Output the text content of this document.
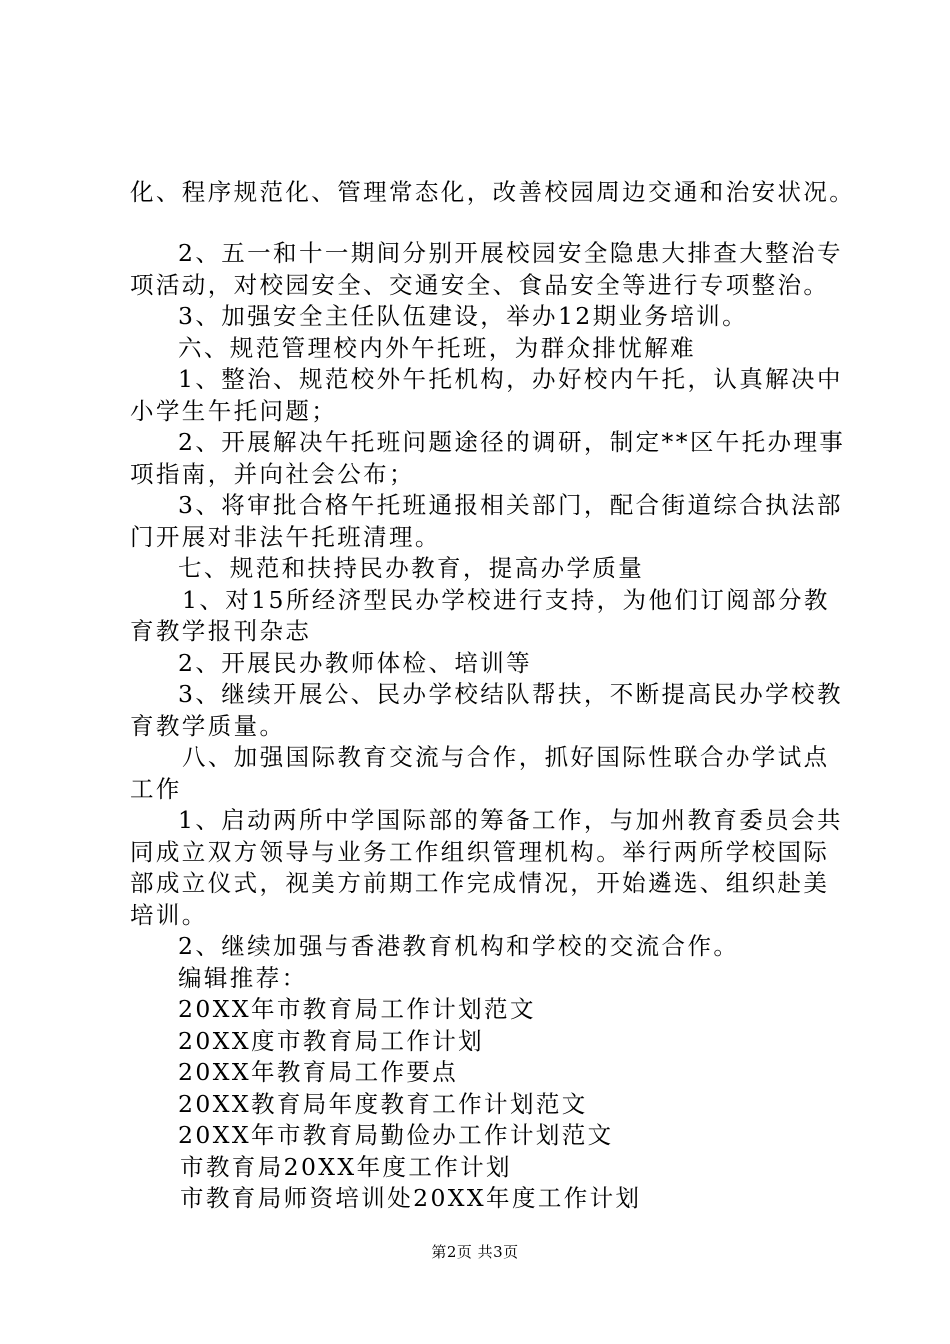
化、程序规范化、管理常态化，改善校园周边交通和治安状况。
2、五一和十一期间分别开展校园安全隐患大排查大整治专
项活动，对校园安全、交通安全、食品安全等进行专项整治。
3、加强安全主任队伍建设，举办12期业务培训。
六、规范管理校内外午托班，为群众排忧解难
1、整治、规范校外午托机构，办好校内午托，认真解决中
小学生午托问题；
2、开展解决午托班问题途径的调研，制定**区午托办理事
项指南，并向社会公布；
3、将审批合格午托班通报相关部门，配合街道综合执法部
门开展对非法午托班清理。
七、规范和扶持民办教育，提高办学质量
1、对15所经济型民办学校进行支持，为他们订阅部分教
育教学报刊杂志
2、开展民办教师体检、培训等
3、继续开展公、民办学校结队帮扶，不断提高民办学校教
育教学质量。
八、加强国际教育交流与合作，抓好国际性联合办学试点
工作
1、启动两所中学国际部的筹备工作，与加州教育委员会共
同成立双方领导与业务工作组织管理机构。举行两所学校国际
部成立仪式，视美方前期工作完成情况，开始遴选、组织赴美
培训。
2、继续加强与香港教育机构和学校的交流合作。
编辑推荐：
20XX年市教育局工作计划范文
20XX度市教育局工作计划
20XX年教育局工作要点
20XX教育局年度教育工作计划范文
20XX年市教育局勤俭办工作计划范文
市教育局20XX年度工作计划
市教育局师资培训处20XX年度工作计划
第2页 共3页
